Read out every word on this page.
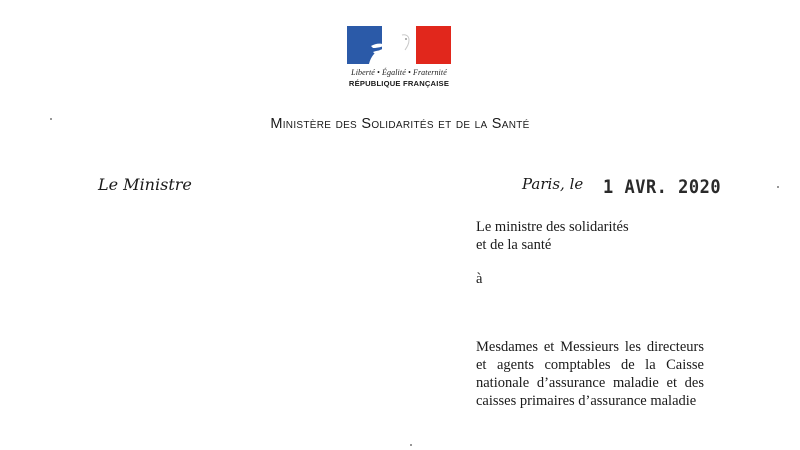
Liberté • Égalité • Fraternité
RÉPUBLIQUE FRANÇAISE
Ministère des Solidarités et de la Santé
Le Ministre	Paris, le 1 AVR. 2020
Le ministre des solidarités
et de la santé
à
Mesdames et Messieurs les directeurs
et agents comptables de la Caisse
nationale d’assurance maladie et des
caisses primaires d’assurance maladie
